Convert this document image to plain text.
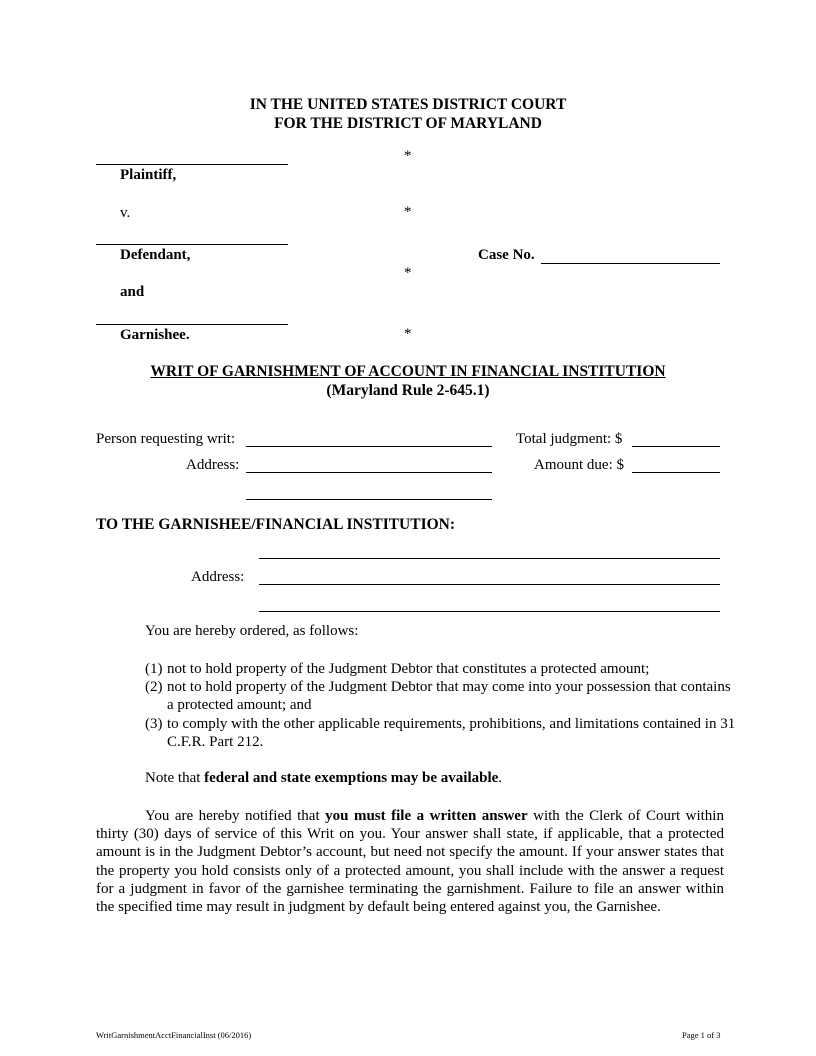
IN THE UNITED STATES DISTRICT COURT
FOR THE DISTRICT OF MARYLAND
Plaintiff,
v.
Defendant,
and
Garnishee.
*
*
*
*
Case No.
WRIT OF GARNISHMENT OF ACCOUNT IN FINANCIAL INSTITUTION
(Maryland Rule 2-645.1)
Person requesting writ:
Address:
Total judgment: $
Amount due: $
TO THE GARNISHEE/FINANCIAL INSTITUTION:
Address:
You are hereby ordered, as follows:
(1) not to hold property of the Judgment Debtor that constitutes a protected amount;
(2) not to hold property of the Judgment Debtor that may come into your possession that contains a protected amount; and
(3) to comply with the other applicable requirements, prohibitions, and limitations contained in 31 C.F.R. Part 212.
Note that federal and state exemptions may be available.
You are hereby notified that you must file a written answer with the Clerk of Court within thirty (30) days of service of this Writ on you. Your answer shall state, if applicable, that a protected amount is in the Judgment Debtor’s account, but need not specify the amount. If your answer states that the property you hold consists only of a protected amount, you shall include with the answer a request for a judgment in favor of the garnishee terminating the garnishment. Failure to file an answer within the specified time may result in judgment by default being entered against you, the Garnishee.
WritGarnishmentAcctFinancialInst (06/2016)	Page 1 of 3
